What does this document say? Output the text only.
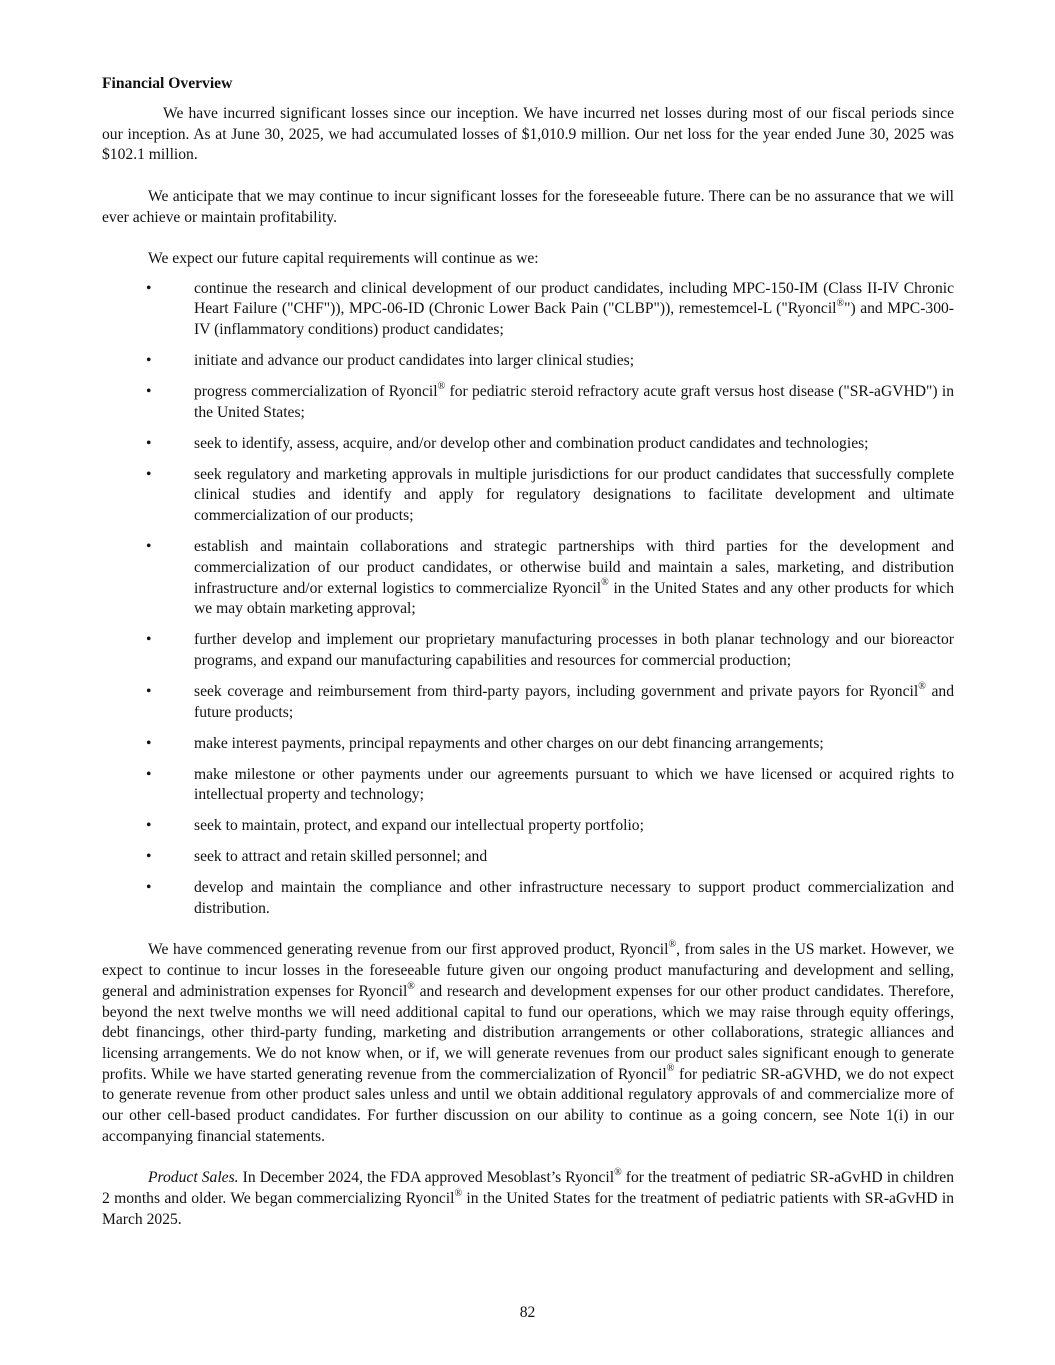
Financial Overview

We have incurred significant losses since our inception. We have incurred net losses during most of our fiscal periods since our inception. As at June 30, 2025, we had accumulated losses of $1,010.9 million. Our net loss for the year ended June 30, 2025 was $102.1 million.

We anticipate that we may continue to incur significant losses for the foreseeable future. There can be no assurance that we will ever achieve or maintain profitability.

We expect our future capital requirements will continue as we:

•	continue the research and clinical development of our product candidates, including MPC-150-IM (Class II-IV Chronic Heart Failure ("CHF")), MPC-06-ID (Chronic Lower Back Pain ("CLBP")), remestemcel-L ("Ryoncil®") and MPC-300-IV (inflammatory conditions) product candidates;
•	initiate and advance our product candidates into larger clinical studies;
•	progress commercialization of Ryoncil® for pediatric steroid refractory acute graft versus host disease ("SR-aGVHD") in the United States;
•	seek to identify, assess, acquire, and/or develop other and combination product candidates and technologies;
•	seek regulatory and marketing approvals in multiple jurisdictions for our product candidates that successfully complete clinical studies and identify and apply for regulatory designations to facilitate development and ultimate commercialization of our products;
•	establish and maintain collaborations and strategic partnerships with third parties for the development and commercialization of our product candidates, or otherwise build and maintain a sales, marketing, and distribution infrastructure and/or external logistics to commercialize Ryoncil® in the United States and any other products for which we may obtain marketing approval;
•	further develop and implement our proprietary manufacturing processes in both planar technology and our bioreactor programs, and expand our manufacturing capabilities and resources for commercial production;
•	seek coverage and reimbursement from third-party payors, including government and private payors for Ryoncil® and future products;
•	make interest payments, principal repayments and other charges on our debt financing arrangements;
•	make milestone or other payments under our agreements pursuant to which we have licensed or acquired rights to intellectual property and technology;
•	seek to maintain, protect, and expand our intellectual property portfolio;
•	seek to attract and retain skilled personnel; and
•	develop and maintain the compliance and other infrastructure necessary to support product commercialization and distribution.

We have commenced generating revenue from our first approved product, Ryoncil®, from sales in the US market. However, we expect to continue to incur losses in the foreseeable future given our ongoing product manufacturing and development and selling, general and administration expenses for Ryoncil® and research and development expenses for our other product candidates. Therefore, beyond the next twelve months we will need additional capital to fund our operations, which we may raise through equity offerings, debt financings, other third-party funding, marketing and distribution arrangements or other collaborations, strategic alliances and licensing arrangements. We do not know when, or if, we will generate revenues from our product sales significant enough to generate profits. While we have started generating revenue from the commercialization of Ryoncil® for pediatric SR-aGVHD, we do not expect to generate revenue from other product sales unless and until we obtain additional regulatory approvals of and commercialize more of our other cell-based product candidates. For further discussion on our ability to continue as a going concern, see Note 1(i) in our accompanying financial statements.

Product Sales. In December 2024, the FDA approved Mesoblast’s Ryoncil® for the treatment of pediatric SR-aGvHD in children 2 months and older. We began commercializing Ryoncil® in the United States for the treatment of pediatric patients with SR-aGvHD in March 2025.

82
